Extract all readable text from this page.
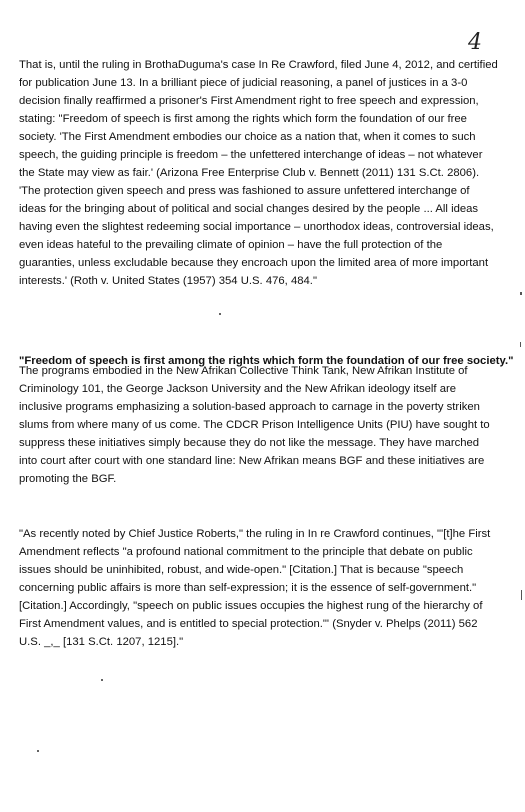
4

That is, until the ruling in BrothaDuguma's case In Re Crawford, filed June 4, 2012, and certified
for publication June 13. In a brilliant piece of judicial reasoning, a panel of justices in a 3-0
decision finally reaffirmed a prisoner's First Amendment right to free speech and expression,
stating: "Freedom of speech is first among the rights which form the foundation of our free
society. 'The First Amendment embodies our choice as a nation that, when it comes to such
speech, the guiding principle is freedom – the unfettered interchange of ideas – not whatever
the State may view as fair.' (Arizona Free Enterprise Club v. Bennett (2011) 131 S.Ct. 2806).
'The protection given speech and press was fashioned to assure unfettered interchange of
ideas for the bringing about of political and social changes desired by the people ... All ideas
having even the slightest redeeming social importance – unorthodox ideas, controversial ideas,
even ideas hateful to the prevailing climate of opinion – have the full protection of the
guaranties, unless excludable because they encroach upon the limited area of more important
interests.' (Roth v. United States (1957) 354 U.S. 476, 484."

"Freedom of speech is first among the rights which form the foundation of our free society."

The programs embodied in the New Afrikan Collective Think Tank, New Afrikan Institute of
Criminology 101, the George Jackson University and the New Afrikan ideology itself are
inclusive programs emphasizing a solution-based approach to carnage in the poverty striken
slums from where many of us come. The CDCR Prison Intelligence Units (PIU) have sought to
suppress these initiatives simply because they do not like the message. They have marched
into court after court with one standard line: New Afrikan means BGF and these initiatives are
promoting the BGF.

"As recently noted by Chief Justice Roberts," the ruling in In re Crawford continues, "'[t]he First
Amendment reflects "a profound national commitment to the principle that debate on public
issues should be uninhibited, robust, and wide-open." [Citation.] That is because "speech
concerning public affairs is more than self-expression; it is the essence of self-government."
[Citation.] Accordingly, "speech on public issues occupies the highest rung of the hierarchy of
First Amendment values, and is entitled to special protection."' (Snyder v. Phelps (2011) 562
U.S. _,_ [131 S.Ct. 1207, 1215]."
